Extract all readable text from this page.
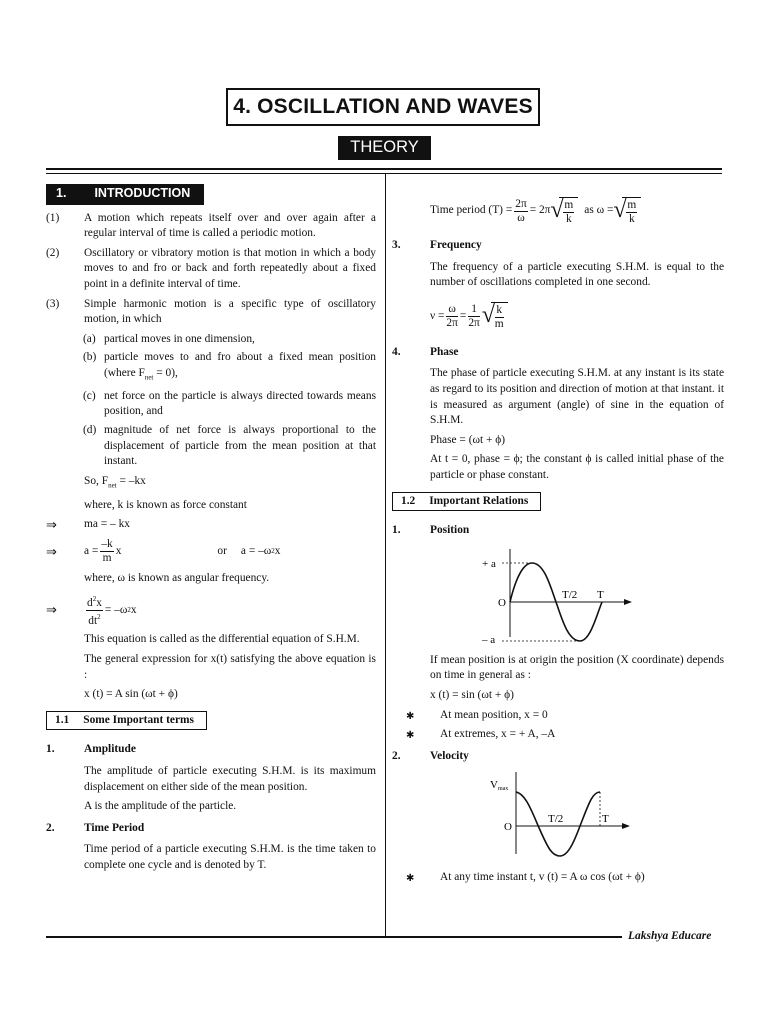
4. OSCILLATION AND WAVES
THEORY
1. INTRODUCTION
(1) A motion which repeats itself over and over again after a regular interval of time is called a periodic motion.
(2) Oscillatory or vibratory motion is that motion in which a body moves to and fro or back and forth repeatedly about a fixed point in a definite interval of time.
(3) Simple harmonic motion is a specific type of oscillatory motion, in which
(a) partical moves in one dimension,
(b) particle moves to and fro about a fixed mean position (where $F_{net} = 0$),
(c) net force on the particle is always directed towards means position, and
(d) magnitude of net force is always proportional to the displacement of particle from the mean position at that instant.
So, $F_{net} = -kx$
where, k is known as force constant
⇒ ma = – kx
⇒ $a = \frac{-k}{m}$ x	or a = –ω 2 x
where, ω is known as angular frequency.
⇒	$\frac{d^2x}{dt^2} = -\omega$ 2 x
This equation is called as the differential equation of S.H.M.
The general expression for x(t) satisfying the above equation is :
x (t) = A sin (ωt + ϕ)
1.1 Some Important terms
1.	Amplitude
The amplitude of particle executing S.H.M. is its maximum displacement on either side of the mean position.
A is the amplitude of the particle.
2.	Time Period
Time period of a particle executing S.H.M. is the time taken to complete one cycle and is denoted by T.
Time period $(T) = \frac{2\pi}{\omega} = 2\pi$ √ $\frac{m}{k}$ as ω = √ $\frac{m}{k}$
3.	Frequency
The frequency of a particle executing S.H.M. is equal to the number of oscillations completed in one second.
$\nu = \frac{\omega}{2\pi} = \frac{1}{2\pi}$ √ $\frac{k}{m}$
4.	Phase
The phase of particle executing S.H.M. at any instant is its state as regard to its position and direction of motion at that instant. it is measured as argument (angle) of sine in the equation of S.H.M.
Phase = (ωt + ϕ)
At t = 0, phase = ϕ; the constant ϕ is called initial phase of the particle or phase constant.
1.2 Important Relations
1.	Position
+ a
O
– a
T/2 T
If mean position is at origin the position (X coordinate) depends on time in general as :
x (t) = sin (ωt + ϕ)
✱ At mean position, x = 0
✱ At extremes, x = + A, –A
2.	Velocity
Vmax
O
T/2	T
✱ At any time instant t, v (t) = A ω cos (ωt + ϕ)
Lakshya Educare
